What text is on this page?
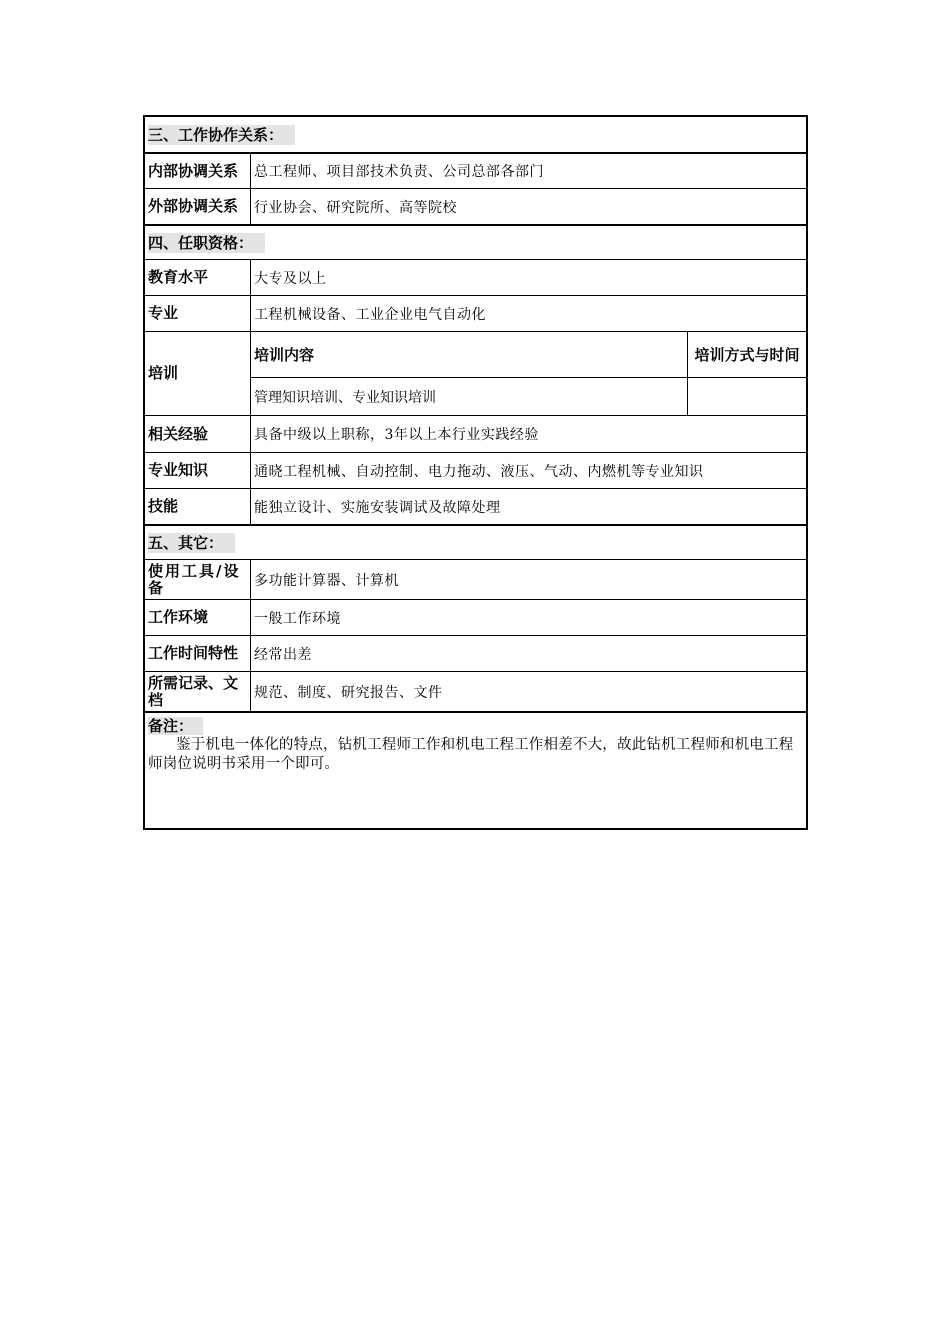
三、工作协作关系：
内部协调关系	总工程师、项目部技术负责、公司总部各部门
外部协调关系	行业协会、研究院所、高等院校
四、任职资格：
教育水平	大专及以上
专业	工程机械设备、工业企业电气自动化
培训
培训内容	培训方式与时间
管理知识培训、专业知识培训
相关经验	具备中级以上职称，3年以上本行业实践经验
专业知识	通晓工程机械、自动控制、电力拖动、液压、气动、内燃机等专业知识
技能	能独立设计、实施安装调试及故障处理
五、其它：
使用工具/设备	多功能计算器、计算机
工作环境	一般工作环境
工作时间特性	经常出差
所需记录、文档	规范、制度、研究报告、文件
备注：
鉴于机电一体化的特点，钻机工程师工作和机电工程工作相差不大，故此钻机工程师和机电工程师岗位说明书采用一个即可。
